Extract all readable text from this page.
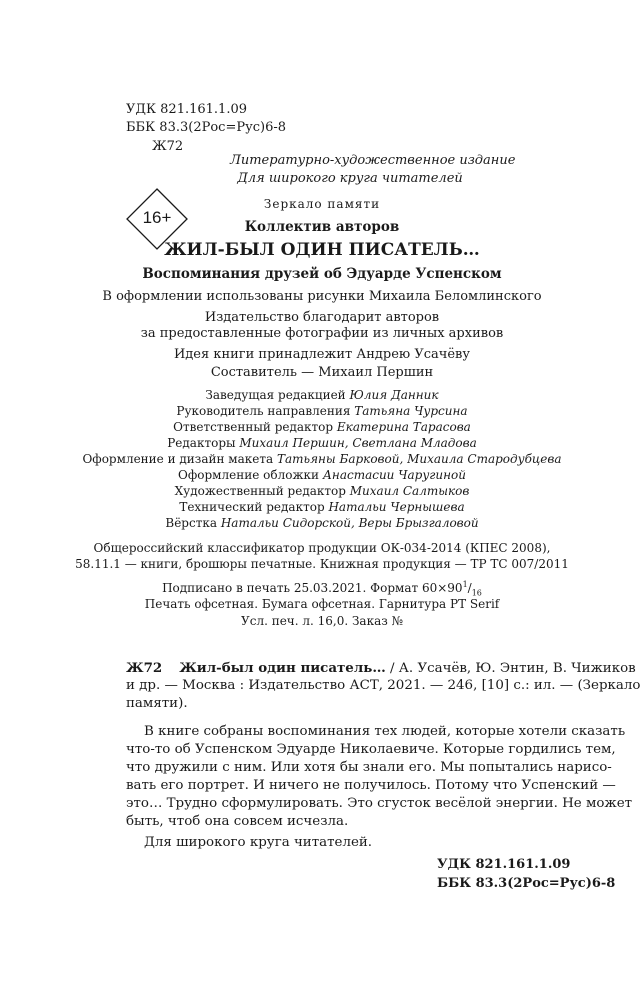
УДК 821.161.1.09
ББК 83.3(2Рос=Рус)6-8
Ж72
Литературно-художественное издание
Для широкого круга читателей
16+
Зеркало памяти
Коллектив авторов
ЖИЛ-БЫЛ ОДИН ПИСАТЕЛЬ…
Воспоминания друзей об Эдуарде Успенском
В оформлении использованы рисунки Михаила Беломлинского
Издательство благодарит авторов
за предоставленные фотографии из личных архивов
Идея книги принадлежит Андрею Усачёву
Составитель — Михаил Першин
Заведущая редакцией Юлия Данник
Руководитель направления Татьяна Чурсина
Ответственный редактор Екатерина Тарасова
Редакторы Михаил Першин, Светлана Младова
Оформление и дизайн макета Татьяны Барковой, Михаила Стародубцева
Оформление обложки Анастасии Чаругиной
Художественный редактор Михаил Салтыков
Технический редактор Натальи Чернышева
Вёрстка Натальи Сидорской, Веры Брызгаловой
Общероссийский классификатор продукции ОК-034-2014 (КПЕС 2008),
58.11.1 — книги, брошюры печатные. Книжная продукция — ТР ТС 007/2011
Подписано в печать 25.03.2021. Формат $60\times 90^1/_{16}$
Печать офсетная. Бумага офсетная. Гарнитура PT Serif
Усл. печ. л. 16,0. Заказ №
Ж72 Жил-был один писатель… / А. Усачёв, Ю. Энтин, В. Чижиков
и др. — Москва : Издательство АСТ, 2021. — 246, [10] с.: ил. — (Зеркало
памяти).
В книге собраны воспоминания тех людей, которые хотели сказать
что-то об Успенском Эдуарде Николаевиче. Которые гордились тем,
что дружили с ним. Или хотя бы знали его. Мы попытались нарисо-
вать его портрет. И ничего не получилось. Потому что Успенский —
это… Трудно сформулировать. Это сгусток весёлой энергии. Не может
быть, чтоб она совсем исчезла.
Для широкого круга читателей.
УДК 821.161.1.09
ББК 83.3(2Рос=Рус)6-8
